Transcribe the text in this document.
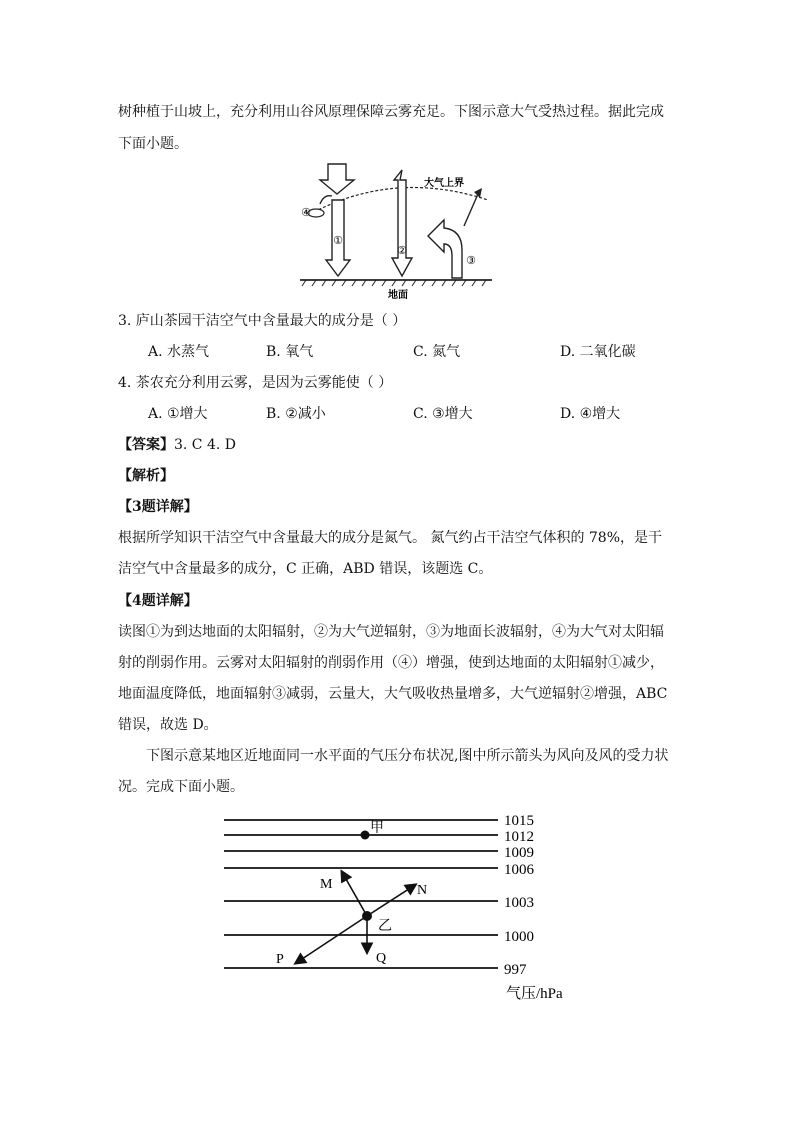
树种植于山坡上，充分利用山谷风原理保障云雾充足。下图示意大气受热过程。据此完成
下面小题。
大气上界
地面
①
②
③
④
3. 庐山茶园干洁空气中含量最大的成分是（ ）
A. 水蒸气	B. 氧气	C. 氮气	D. 二氧化碳
4. 茶农充分利用云雾，是因为云雾能使（ ）
A. ①增大	B. ②减小	C. ③增大	D. ④增大
【答案】3. C 4. D
【解析】
【3题详解】
根据所学知识干洁空气中含量最大的成分是氮气。 氮气约占干洁空气体积的 78%，是干
洁空气中含量最多的成分，C 正确，ABD 错误，该题选 C。
【4题详解】
读图①为到达地面的太阳辐射，②为大气逆辐射，③为地面长波辐射，④为大气对太阳辐
射的削弱作用。云雾对太阳辐射的削弱作用（④）增强，使到达地面的太阳辐射①减少，
地面温度降低，地面辐射③减弱，云量大，大气吸收热量增多，大气逆辐射②增强，ABC
错误，故选 D。
下图示意某地区近地面同一水平面的气压分布状况,图中所示箭头为风向及风的受力状
况。完成下面小题。
1015
1012
1009
1006
1003
1000
997
甲
乙
M	N
P	Q
气压/hPa
